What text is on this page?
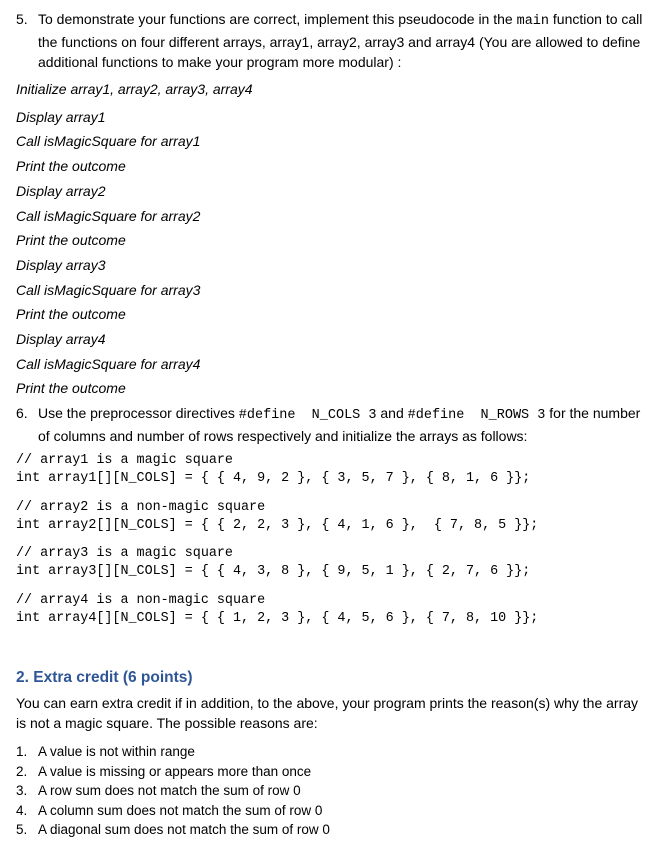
5. To demonstrate your functions are correct, implement this pseudocode in the main function to call the functions on four different arrays, array1, array2, array3 and array4 (You are allowed to define additional functions to make your program more modular) :
Initialize array1, array2, array3, array4
Display array1
Call isMagicSquare for array1
Print the outcome
Display array2
Call isMagicSquare for array2
Print the outcome
Display array3
Call isMagicSquare for array3
Print the outcome
Display array4
Call isMagicSquare for array4
Print the outcome
6. Use the preprocessor directives #define  N_COLS 3 and #define  N_ROWS 3 for the number of columns and number of rows respectively and initialize the arrays as follows:
// array1 is a magic square
int array1[][N_COLS] = { { 4, 9, 2 }, { 3, 5, 7 }, { 8, 1, 6 }};
// array2 is a non-magic square
int array2[][N_COLS] = { { 2, 2, 3 }, { 4, 1, 6 },  { 7, 8, 5 }};
// array3 is a magic square
int array3[][N_COLS] = { { 4, 3, 8 }, { 9, 5, 1 }, { 2, 7, 6 }};
// array4 is a non-magic square
int array4[][N_COLS] = { { 1, 2, 3 }, { 4, 5, 6 }, { 7, 8, 10 }};
2. Extra credit (6 points)
You can earn extra credit if in addition, to the above, your program prints the reason(s) why the array is not a magic square. The possible reasons are:
1. A value is not within range
2. A value is missing or appears more than once
3. A row sum does not match the sum of row 0
4. A column sum does not match the sum of row 0
5. A diagonal sum does not match the sum of row 0
